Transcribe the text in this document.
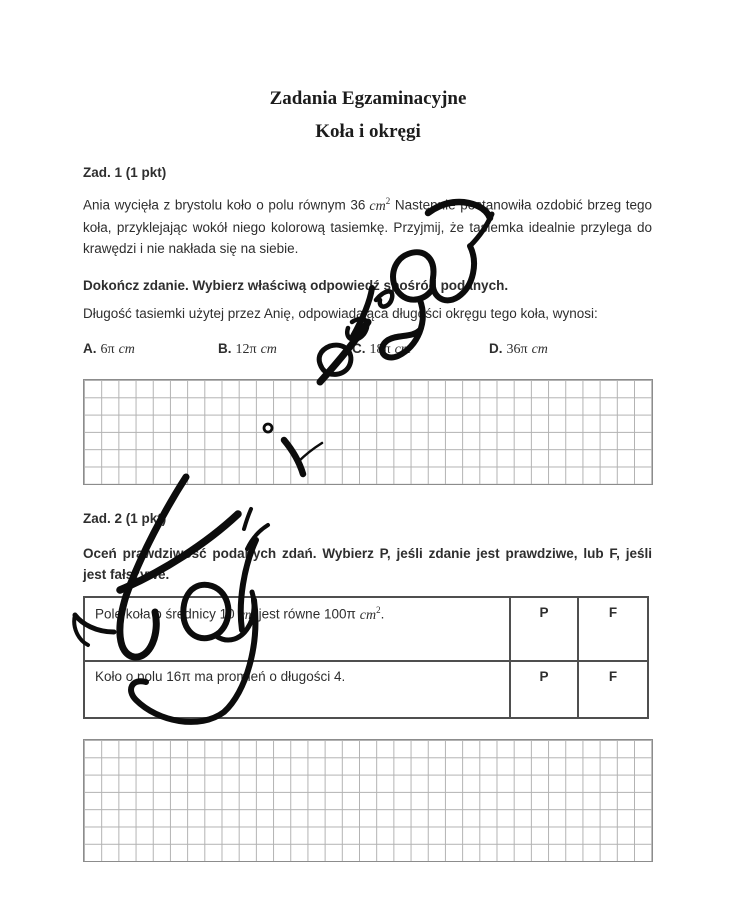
Zadania Egzaminacyjne
Koła i okręgi
Zad. 1 (1 pkt)

Ania wycięła z brystolu koło o polu równym 36 $cm^2$ Następnie postanowiła ozdobić brzeg tego koła, przyklejając wokół niego kolorową tasiemkę. Przyjmij, że tasiemka idealnie przylega do krawędzi i nie nakłada się na siebie.

Dokończ zdanie. Wybierz właściwą odpowiedź spośród podanych.

Długość tasiemki użytej przez Anię, odpowiadająca długości okręgu tego koła, wynosi:

A. 6π cm	B. 12π cm	C. 18π cm	D. 36π cm
Zad. 2 (1 pkt)

Oceń prawdziwość podanych zdań. Wybierz P, jeśli zdanie jest prawdziwe, lub F, jeśli jest fałszywe.

Pole koła o średnicy 10 cm jest równe 100π $cm^2$.	P	F
Koło o polu 16π ma promień o długości 4.	P	F
